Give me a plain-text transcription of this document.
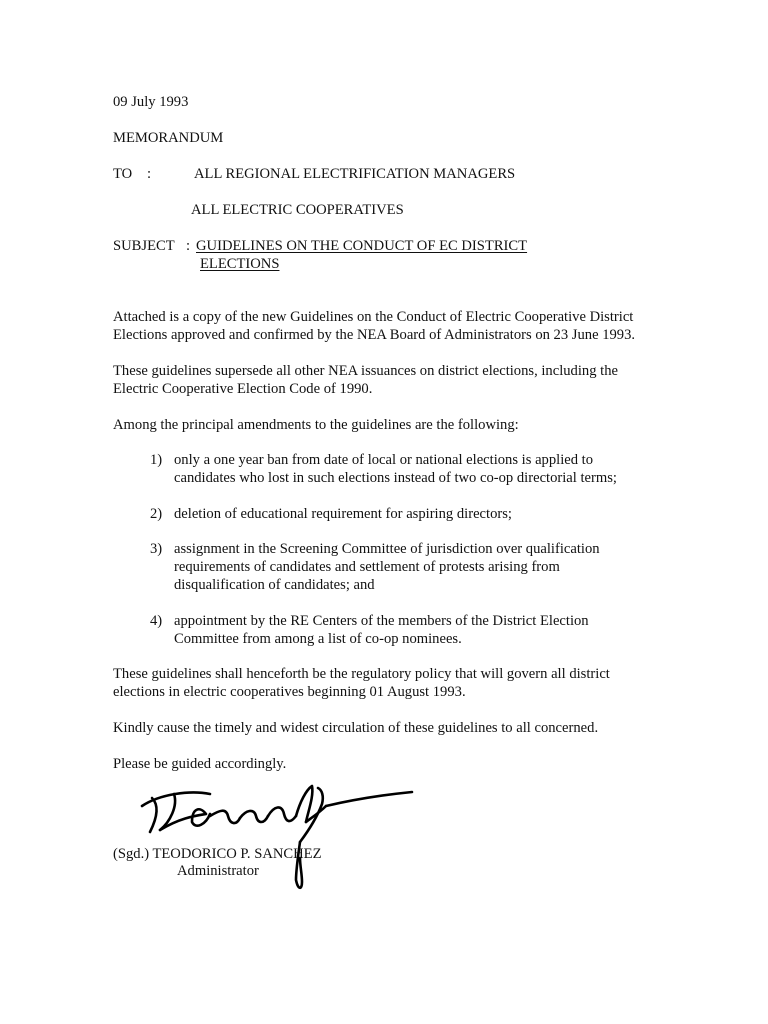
09 July 1993
MEMORANDUM
TO :	ALL REGIONAL ELECTRIFICATION MANAGERS
ALL ELECTRIC COOPERATIVES
SUBJECT : GUIDELINES ON THE CONDUCT OF EC DISTRICT
ELECTIONS
Attached is a copy of the new Guidelines on the Conduct of Electric Cooperative District
Elections approved and confirmed by the NEA Board of Administrators on 23 June 1993.
These guidelines supersede all other NEA issuances on district elections, including the
Electric Cooperative Election Code of 1990.
Among the principal amendments to the guidelines are the following:
1) only a one year ban from date of local or national elections is applied to
candidates who lost in such elections instead of two co-op directorial terms;
2) deletion of educational requirement for aspiring directors;
3) assignment in the Screening Committee of jurisdiction over qualification
requirements of candidates and settlement of protests arising from
disqualification of candidates; and
4) appointment by the RE Centers of the members of the District Election
Committee from among a list of co-op nominees.
These guidelines shall henceforth be the regulatory policy that will govern all district
elections in electric cooperatives beginning 01 August 1993.
Kindly cause the timely and widest circulation of these guidelines to all concerned.
Please be guided accordingly.
(Sgd.) TEODORICO P. SANCHEZ
Administrator
